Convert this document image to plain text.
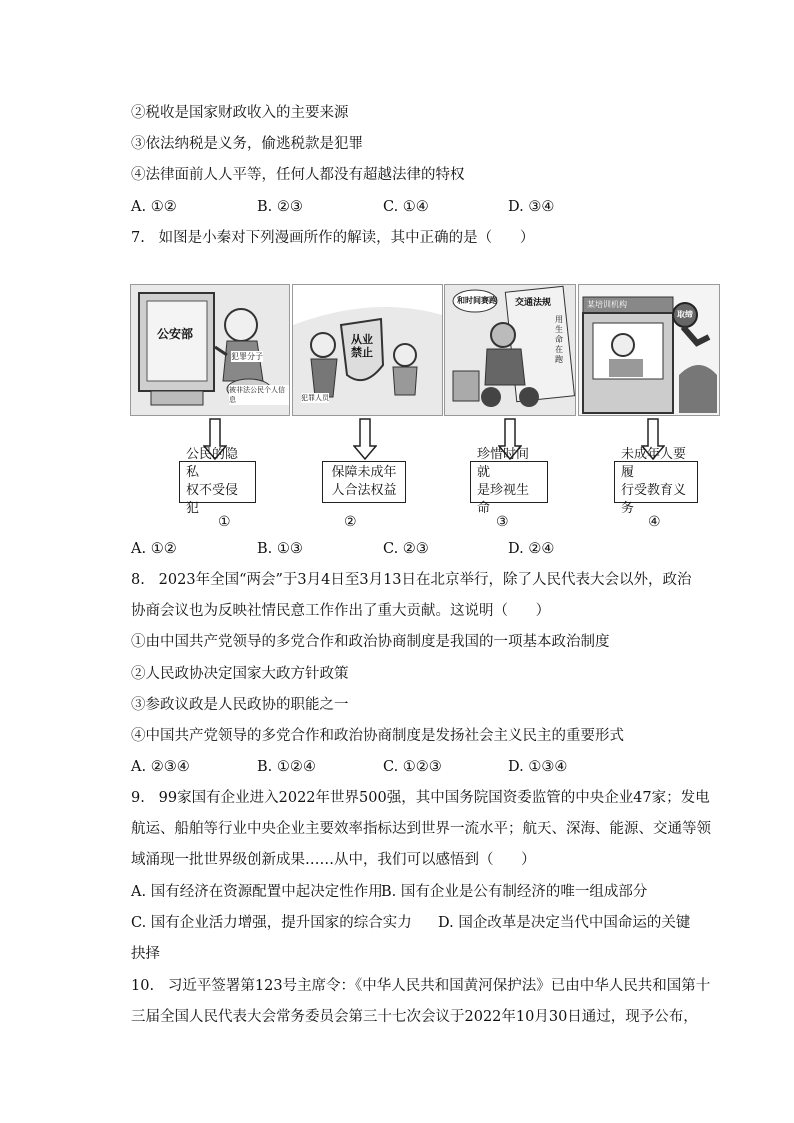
②税收是国家财政收入的主要来源
③依法纳税是义务，偷逃税款是犯罪
④法律面前人人平等，任何人都没有超越法律的特权
A. ①②	B. ②③	C. ①④	D. ③④
7.   如图是小秦对下列漫画所作的解读，其中正确的是（      ）
公安部
犯罪分子
被非法公民个人信息
从业禁止
犯罪人员
和时间赛跑 交通法规
用生命在跑
某培训机构
取缔
公民的隐私
权不受侵犯
保障未成年
人合法权益
珍惜时间就
是珍视生命
未成年人要履
行受教育义务
①	②	③	④
A. ①②	B. ①③	C. ②③	D. ②④
8.   2023年全国“两会”于3月4日至3月13日在北京举行，除了人民代表大会以外，政治
协商会议也为反映社情民意工作作出了重大贡献。这说明（      ）
①由中国共产党领导的多党合作和政治协商制度是我国的一项基本政治制度
②人民政协决定国家大政方针政策
③参政议政是人民政协的职能之一
④中国共产党领导的多党合作和政治协商制度是发扬社会主义民主的重要形式
A. ②③④	B. ①②④	C. ①②③	D. ①③④
9.   99家国有企业进入2022年世界500强，其中国务院国资委监管的中央企业47家；发电
航运、船舶等行业中央企业主要效率指标达到世界一流水平；航天、深海、能源、交通等领
域涌现一批世界级创新成果……从中，我们可以感悟到（      ）
A. 国有经济在资源配置中起决定性作用
B. 国有企业是公有制经济的唯一组成部分
C. 国有企业活力增强，提升国家的综合实力 D. 国企改革是决定当代中国命运的关键
抉择
10.   习近平签署第123号主席令：《中华人民共和国黄河保护法》已由中华人民共和国第十
三届全国人民代表大会常务委员会第三十七次会议于2022年10月30日通过，现予公布，
